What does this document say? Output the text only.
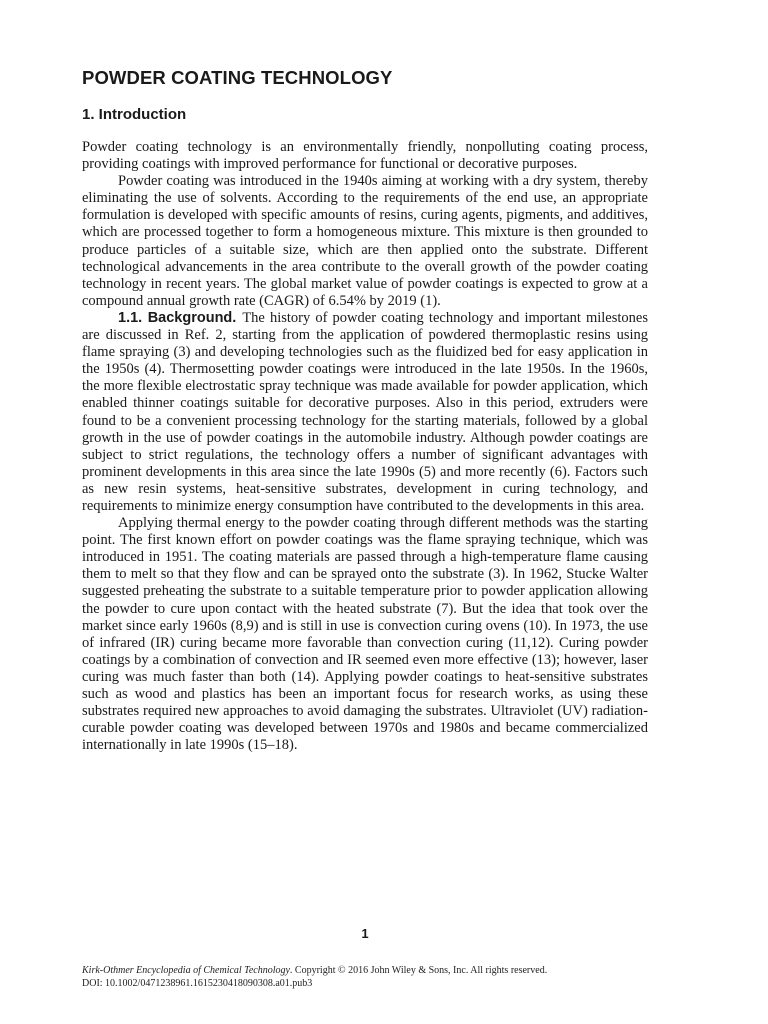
POWDER COATING TECHNOLOGY
1. Introduction

Powder coating technology is an environmentally friendly, nonpolluting coating process, providing coatings with improved performance for functional or decorative purposes.

Powder coating was introduced in the 1940s aiming at working with a dry system, thereby eliminating the use of solvents. According to the requirements of the end use, an appropriate formulation is developed with specific amounts of resins, curing agents, pigments, and additives, which are processed together to form a homogeneous mixture. This mixture is then grounded to produce particles of a suitable size, which are then applied onto the substrate. Different technological advancements in the area contribute to the overall growth of the powder coating technology in recent years. The global market value of powder coatings is expected to grow at a compound annual growth rate (CAGR) of 6.54% by 2019 (1).

1.1. Background. The history of powder coating technology and important milestones are discussed in Ref. 2, starting from the application of powdered thermoplastic resins using flame spraying (3) and developing technologies such as the fluidized bed for easy application in the 1950s (4). Thermosetting powder coatings were introduced in the late 1950s. In the 1960s, the more flexible electrostatic spray technique was made available for powder application, which enabled thinner coatings suitable for decorative purposes. Also in this period, extruders were found to be a convenient processing technology for the starting materials, followed by a global growth in the use of powder coatings in the automobile industry. Although powder coatings are subject to strict regulations, the technology offers a number of significant advantages with prominent developments in this area since the late 1990s (5) and more recently (6). Factors such as new resin systems, heat-sensitive substrates, development in curing technology, and requirements to minimize energy consumption have contributed to the developments in this area.

Applying thermal energy to the powder coating through different methods was the starting point. The first known effort on powder coatings was the flame spraying technique, which was introduced in 1951. The coating materials are passed through a high-temperature flame causing them to melt so that they flow and can be sprayed onto the substrate (3). In 1962, Stucke Walter suggested preheating the substrate to a suitable temperature prior to powder application allowing the powder to cure upon contact with the heated substrate (7). But the idea that took over the market since early 1960s (8,9) and is still in use is convection curing ovens (10). In 1973, the use of infrared (IR) curing became more favorable than convection curing (11,12). Curing powder coatings by a combination of convection and IR seemed even more effective (13); however, laser curing was much faster than both (14). Applying powder coatings to heat-sensitive substrates such as wood and plastics has been an important focus for research works, as using these substrates required new approaches to avoid damaging the substrates. Ultraviolet (UV) radiation-curable powder coating was developed between 1970s and 1980s and became commercialized internationally in late 1990s (15–18).

1
Kirk-Othmer Encyclopedia of Chemical Technology. Copyright © 2016 John Wiley & Sons, Inc. All rights reserved.
DOI: 10.1002/0471238961.1615230418090308.a01.pub3
